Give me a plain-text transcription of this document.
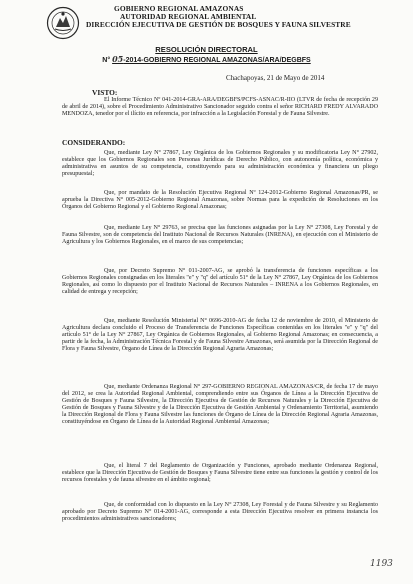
GOBIERNO REGIONAL AMAZONAS
AUTORIDAD REGIONAL AMBIENTAL
DIRECCIÓN EJECUTIVA DE GESTIÓN DE BOSQUES Y FAUNA SILVESTRE
RESOLUCIÓN DIRECTORAL
N° 05-2014-GOBIERNO REGIONAL AMAZONAS/ARA/DEGBFS
Chachapoyas, 21 de Mayo de 2014
VISTO:
El Informe Técnico Nº 041-2014-GRA-ARA/DEGBFS/PCFS-ASNAC/R-IIO (LTVR de fecha de recepción 29 de abril de 2014), sobre el Procedimiento Administrativo Sancionador seguido contra el señor RICHARD FREDY ALVARADO MENDOZA, tenedor por el ilícito en referencia, por infracción a la Legislación Forestal y de Fauna Silvestre.
CONSIDERANDO:
Que, mediante Ley N° 27867, Ley Orgánica de los Gobiernos Regionales y su modificatoria Ley N° 27902, establece que los Gobiernos Regionales son Personas Jurídicas de Derecho Público, con autonomía política, económica y administrativa en asuntos de su competencia, constituyendo para su administración económica y financiera un pliego presupuestal;
Que, por mandato de la Resolución Ejecutiva Regional Nº 124-2012-Gobierno Regional Amazonas/PR, se aprueba la Directiva N° 005-2012-Gobierno Regional Amazonas, sobre Normas para la expedición de Resoluciones en los Órganos del Gobierno Regional y el Gobierno Regional Amazonas;
Que, mediante Ley N° 29763, se precisa que las funciones asignadas por la Ley N° 27308, Ley Forestal y de Fauna Silvestre, son de competencia del Instituto Nacional de Recursos Naturales (INRENA), en ejecución con el Ministerio de Agricultura y los Gobiernos Regionales, en el marco de sus competencias;
Que, por Decreto Supremo N° 011-2007-AG, se aprobó la transferencia de funciones específicas a los Gobiernos Regionales consignadas en los literales "e" y "q" del artículo 51° de la Ley N° 27867, Ley Orgánica de los Gobiernos Regionales, así como lo dispuesto por el Instituto Nacional de Recursos Naturales – INRENA a los Gobiernos Regionales, en calidad de entrega y recepción;
Que, mediante Resolución Ministerial N° 0696-2010-AG de fecha 12 de noviembre de 2010, el Ministerio de Agricultura declara concluido el Proceso de Transferencia de Funciones Específicas contenidas en los literales "e" y "q" del artículo 51° de la Ley N° 27867, Ley Orgánica de Gobiernos Regionales, al Gobierno Regional Amazonas; en consecuencia, a partir de la fecha, la Administración Técnica Forestal y de Fauna Silvestre Amazonas, será asumida por la Dirección Regional de Flora y Fauna Silvestre, Órgano de Línea de la Dirección Regional Agraria Amazonas;
Que, mediante Ordenanza Regional N° 297-GOBIERNO REGIONAL AMAZONAS/CR, de fecha 17 de mayo del 2012, se crea la Autoridad Regional Ambiental, comprendiendo entre sus Órganos de Línea a la Dirección Ejecutiva de Gestión de Bosques y Fauna Silvestre, la Dirección Ejecutiva de Gestión de Recursos Naturales y la Dirección Ejecutiva de Gestión de Bosques y Fauna Silvestre y de la Dirección Ejecutiva de Gestión Ambiental y Ordenamiento Territorial, asumiendo la Dirección Regional de Flora y Fauna Silvestre las funciones de Órgano de Línea de la Dirección Regional Agraria Amazonas, constituyéndose en Órgano de Línea de la Autoridad Regional Ambiental Amazonas;
Que, el literal 7 del Reglamento de Organización y Funciones, aprobado mediante Ordenanza Regional, establece que la Dirección Ejecutiva de Gestión de Bosques y Fauna Silvestre tiene entre sus funciones la gestión y control de los recursos forestales y de fauna silvestre en el ámbito regional;
Que, de conformidad con lo dispuesto en la Ley N° 27308, Ley Forestal y de Fauna Silvestre y su Reglamento aprobado por Decreto Supremo N° 014-2001-AG, corresponde a esta Dirección Ejecutiva resolver en primera instancia los procedimientos administrativos sancionadores;
1193
